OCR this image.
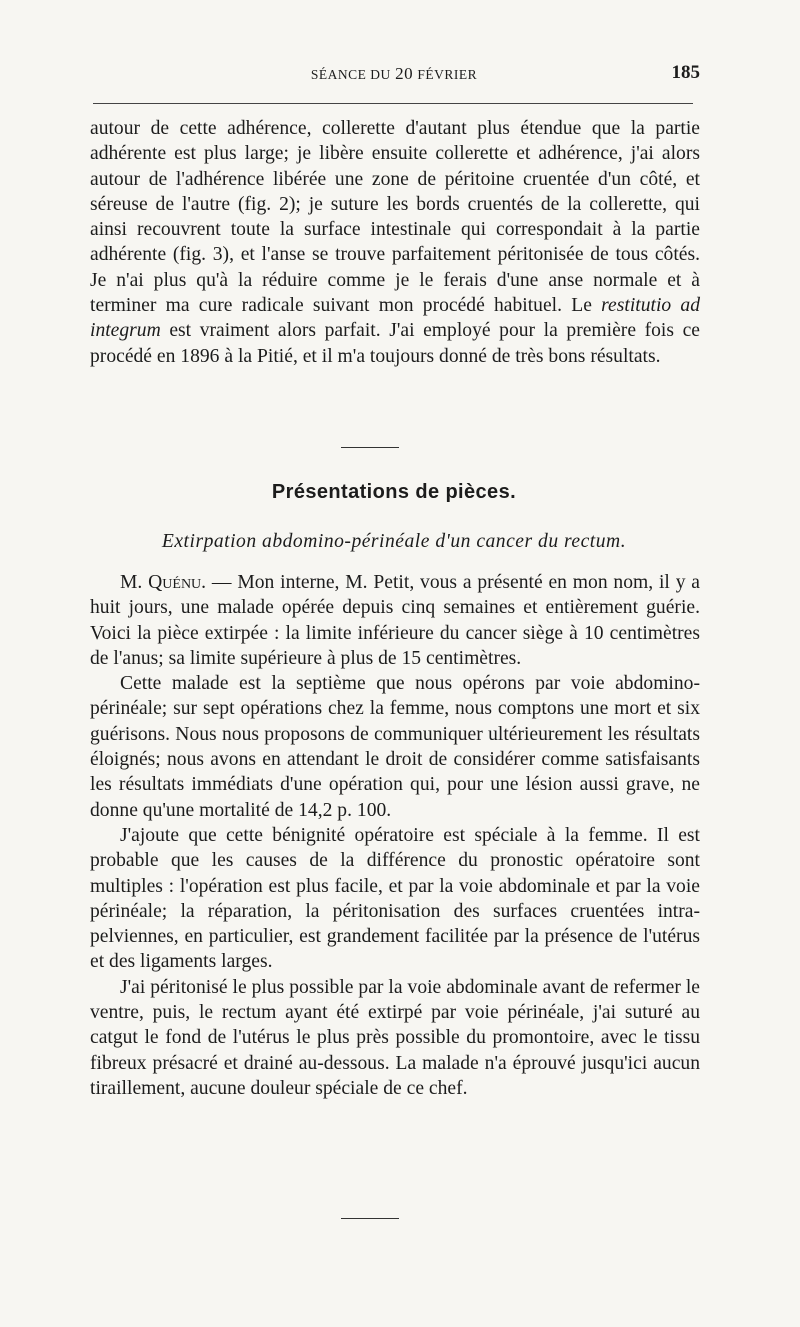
SÉANCE DU 20 FÉVRIER	185

autour de cette adhérence, collerette d'autant plus étendue que la partie adhérente est plus large; je libère ensuite collerette et adhérence, j'ai alors autour de l'adhérence libérée une zone de péritoine cruentée d'un côté, et séreuse de l'autre (fig. 2); je suture les bords cruentés de la collerette, qui ainsi recouvrent toute la surface intestinale qui correspondait à la partie adhérente (fig. 3), et l'anse se trouve parfaitement péritonisée de tous côtés. Je n'ai plus qu'à la réduire comme je le ferais d'une anse normale et à terminer ma cure radicale suivant mon procédé habituel. Le restitutio ad integrum est vraiment alors parfait. J'ai employé pour la première fois ce procédé en 1896 à la Pitié, et il m'a toujours donné de très bons résultats.

Présentations de pièces.
Extirpation abdomino-périnéale d'un cancer du rectum.

M. Quénu. — Mon interne, M. Petit, vous a présenté en mon nom, il y a huit jours, une malade opérée depuis cinq semaines et entièrement guérie. Voici la pièce extirpée : la limite inférieure du cancer siège à 10 centimètres de l'anus; sa limite supérieure à plus de 15 centimètres.

Cette malade est la septième que nous opérons par voie abdomino-périnéale; sur sept opérations chez la femme, nous comptons une mort et six guérisons. Nous nous proposons de communiquer ultérieurement les résultats éloignés; nous avons en attendant le droit de considérer comme satisfaisants les résultats immédiats d'une opération qui, pour une lésion aussi grave, ne donne qu'une mortalité de 14,2 p. 100.

J'ajoute que cette bénignité opératoire est spéciale à la femme. Il est probable que les causes de la différence du pronostic opératoire sont multiples : l'opération est plus facile, et par la voie abdominale et par la voie périnéale; la réparation, la péritonisation des surfaces cruentées intra-pelviennes, en particulier, est grandement facilitée par la présence de l'utérus et des ligaments larges.

J'ai péritonisé le plus possible par la voie abdominale avant de refermer le ventre, puis, le rectum ayant été extirpé par voie périnéale, j'ai suturé au catgut le fond de l'utérus le plus près possible du promontoire, avec le tissu fibreux présacré et drainé au-dessous. La malade n'a éprouvé jusqu'ici aucun tiraillement, aucune douleur spéciale de ce chef.
